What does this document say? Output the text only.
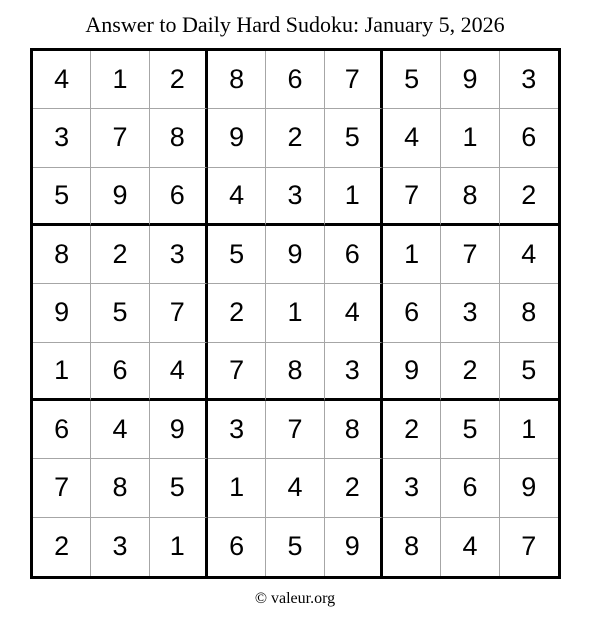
Answer to Daily Hard Sudoku: January 5, 2026
4	1	2	8	6	7	5	9	3
3	7	8	9	2	5	4	1	6
5	9	6	4	3	1	7	8	2
8	2	3	5	9	6	1	7	4
9	5	7	2	1	4	6	3	8
1	6	4	7	8	3	9	2	5
6	4	9	3	7	8	2	5	1
7	8	5	1	4	2	3	6	9
2	3	1	6	5	9	8	4	7
© valeur.org
